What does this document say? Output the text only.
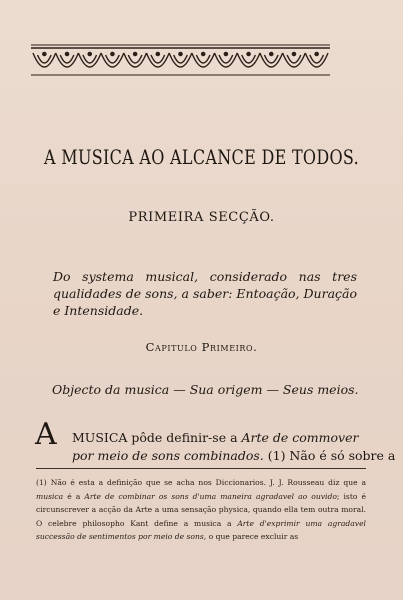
A MUSICA AO ALCANCE DE TODOS.
PRIMEIRA SECÇÃO.
Do systema musical, considerado nas tres qualidades de sons, a saber: Entoação, Duração e Intensidade.
Capitulo Primeiro.
Objecto da musica — Sua origem — Seus meios.
A MUSICA pôde definir-se a Arte de commover
por meio de sons combinados. (1) Não é só sobre a
(1) Não é esta a definição que se acha nos Diccionarios. J. J. Rousseau diz que a musica é a Arte de combinar os sons d'uma maneira agradavel ao ouvido; isto é circunscrever a acção da Arte a uma sensação physica, quando ella tem outra moral. O celebre philosopho Kant define a musica a Arte d'exprimir uma agradavel successão de sentimentos por meio de sons, o que parece excluir as
